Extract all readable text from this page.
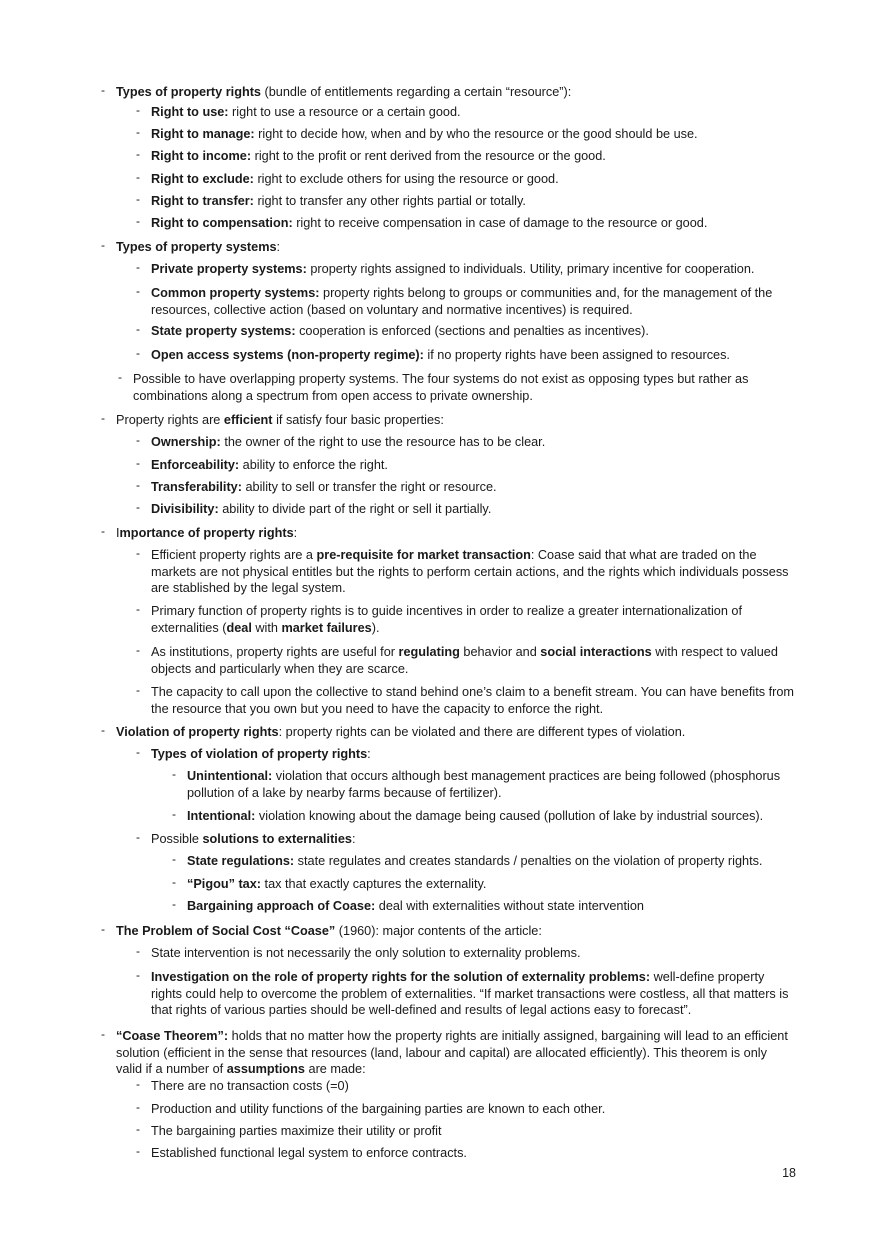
- Types of property rights (bundle of entitlements regarding a certain “resource”):
- Right to use: right to use a resource or a certain good.
- Right to manage: right to decide how, when and by who the resource or the good should be use.
- Right to income: right to the profit or rent derived from the resource or the good.
- Right to exclude: right to exclude others for using the resource or good.
- Right to transfer: right to transfer any other rights partial or totally.
- Right to compensation: right to receive compensation in case of damage to the resource or good.
- Types of property systems:
- Private property systems: property rights assigned to individuals. Utility, primary incentive for cooperation.
- Common property systems: property rights belong to groups or communities and, for the management of the resources, collective action (based on voluntary and normative incentives) is required.
- State property systems: cooperation is enforced (sections and penalties as incentives).
- Open access systems (non-property regime): if no property rights have been assigned to resources.
- Possible to have overlapping property systems. The four systems do not exist as opposing types but rather as combinations along a spectrum from open access to private ownership.
- Property rights are efficient if satisfy four basic properties:
- Ownership: the owner of the right to use the resource has to be clear.
- Enforceability: ability to enforce the right.
- Transferability: ability to sell or transfer the right or resource.
- Divisibility: ability to divide part of the right or sell it partially.
- Importance of property rights:
- Efficient property rights are a pre-requisite for market transaction: Coase said that what are traded on the markets are not physical entitles but the rights to perform certain actions, and the rights which individuals possess are stablished by the legal system.
- Primary function of property rights is to guide incentives in order to realize a greater internationalization of externalities (deal with market failures).
- As institutions, property rights are useful for regulating behavior and social interactions with respect to valued objects and particularly when they are scarce.
- The capacity to call upon the collective to stand behind one’s claim to a benefit stream. You can have benefits from the resource that you own but you need to have the capacity to enforce the right.
- Violation of property rights: property rights can be violated and there are different types of violation.
- Types of violation of property rights:
- Unintentional: violation that occurs although best management practices are being followed (phosphorus pollution of a lake by nearby farms because of fertilizer).
- Intentional: violation knowing about the damage being caused (pollution of lake by industrial sources).
- Possible solutions to externalities:
- State regulations: state regulates and creates standards / penalties on the violation of property rights.
- “Pigou” tax: tax that exactly captures the externality.
- Bargaining approach of Coase: deal with externalities without state intervention
- The Problem of Social Cost “Coase” (1960): major contents of the article:
- State intervention is not necessarily the only solution to externality problems.
- Investigation on the role of property rights for the solution of externality problems: well-define property rights could help to overcome the problem of externalities. “If market transactions were costless, all that matters is that rights of various parties should be well-defined and results of legal actions easy to forecast”.
- “Coase Theorem”: holds that no matter how the property rights are initially assigned, bargaining will lead to an efficient solution (efficient in the sense that resources (land, labour and capital) are allocated efficiently). This theorem is only valid if a number of assumptions are made:
- There are no transaction costs (=0)
- Production and utility functions of the bargaining parties are known to each other.
- The bargaining parties maximize their utility or profit
- Established functional legal system to enforce contracts.
18
